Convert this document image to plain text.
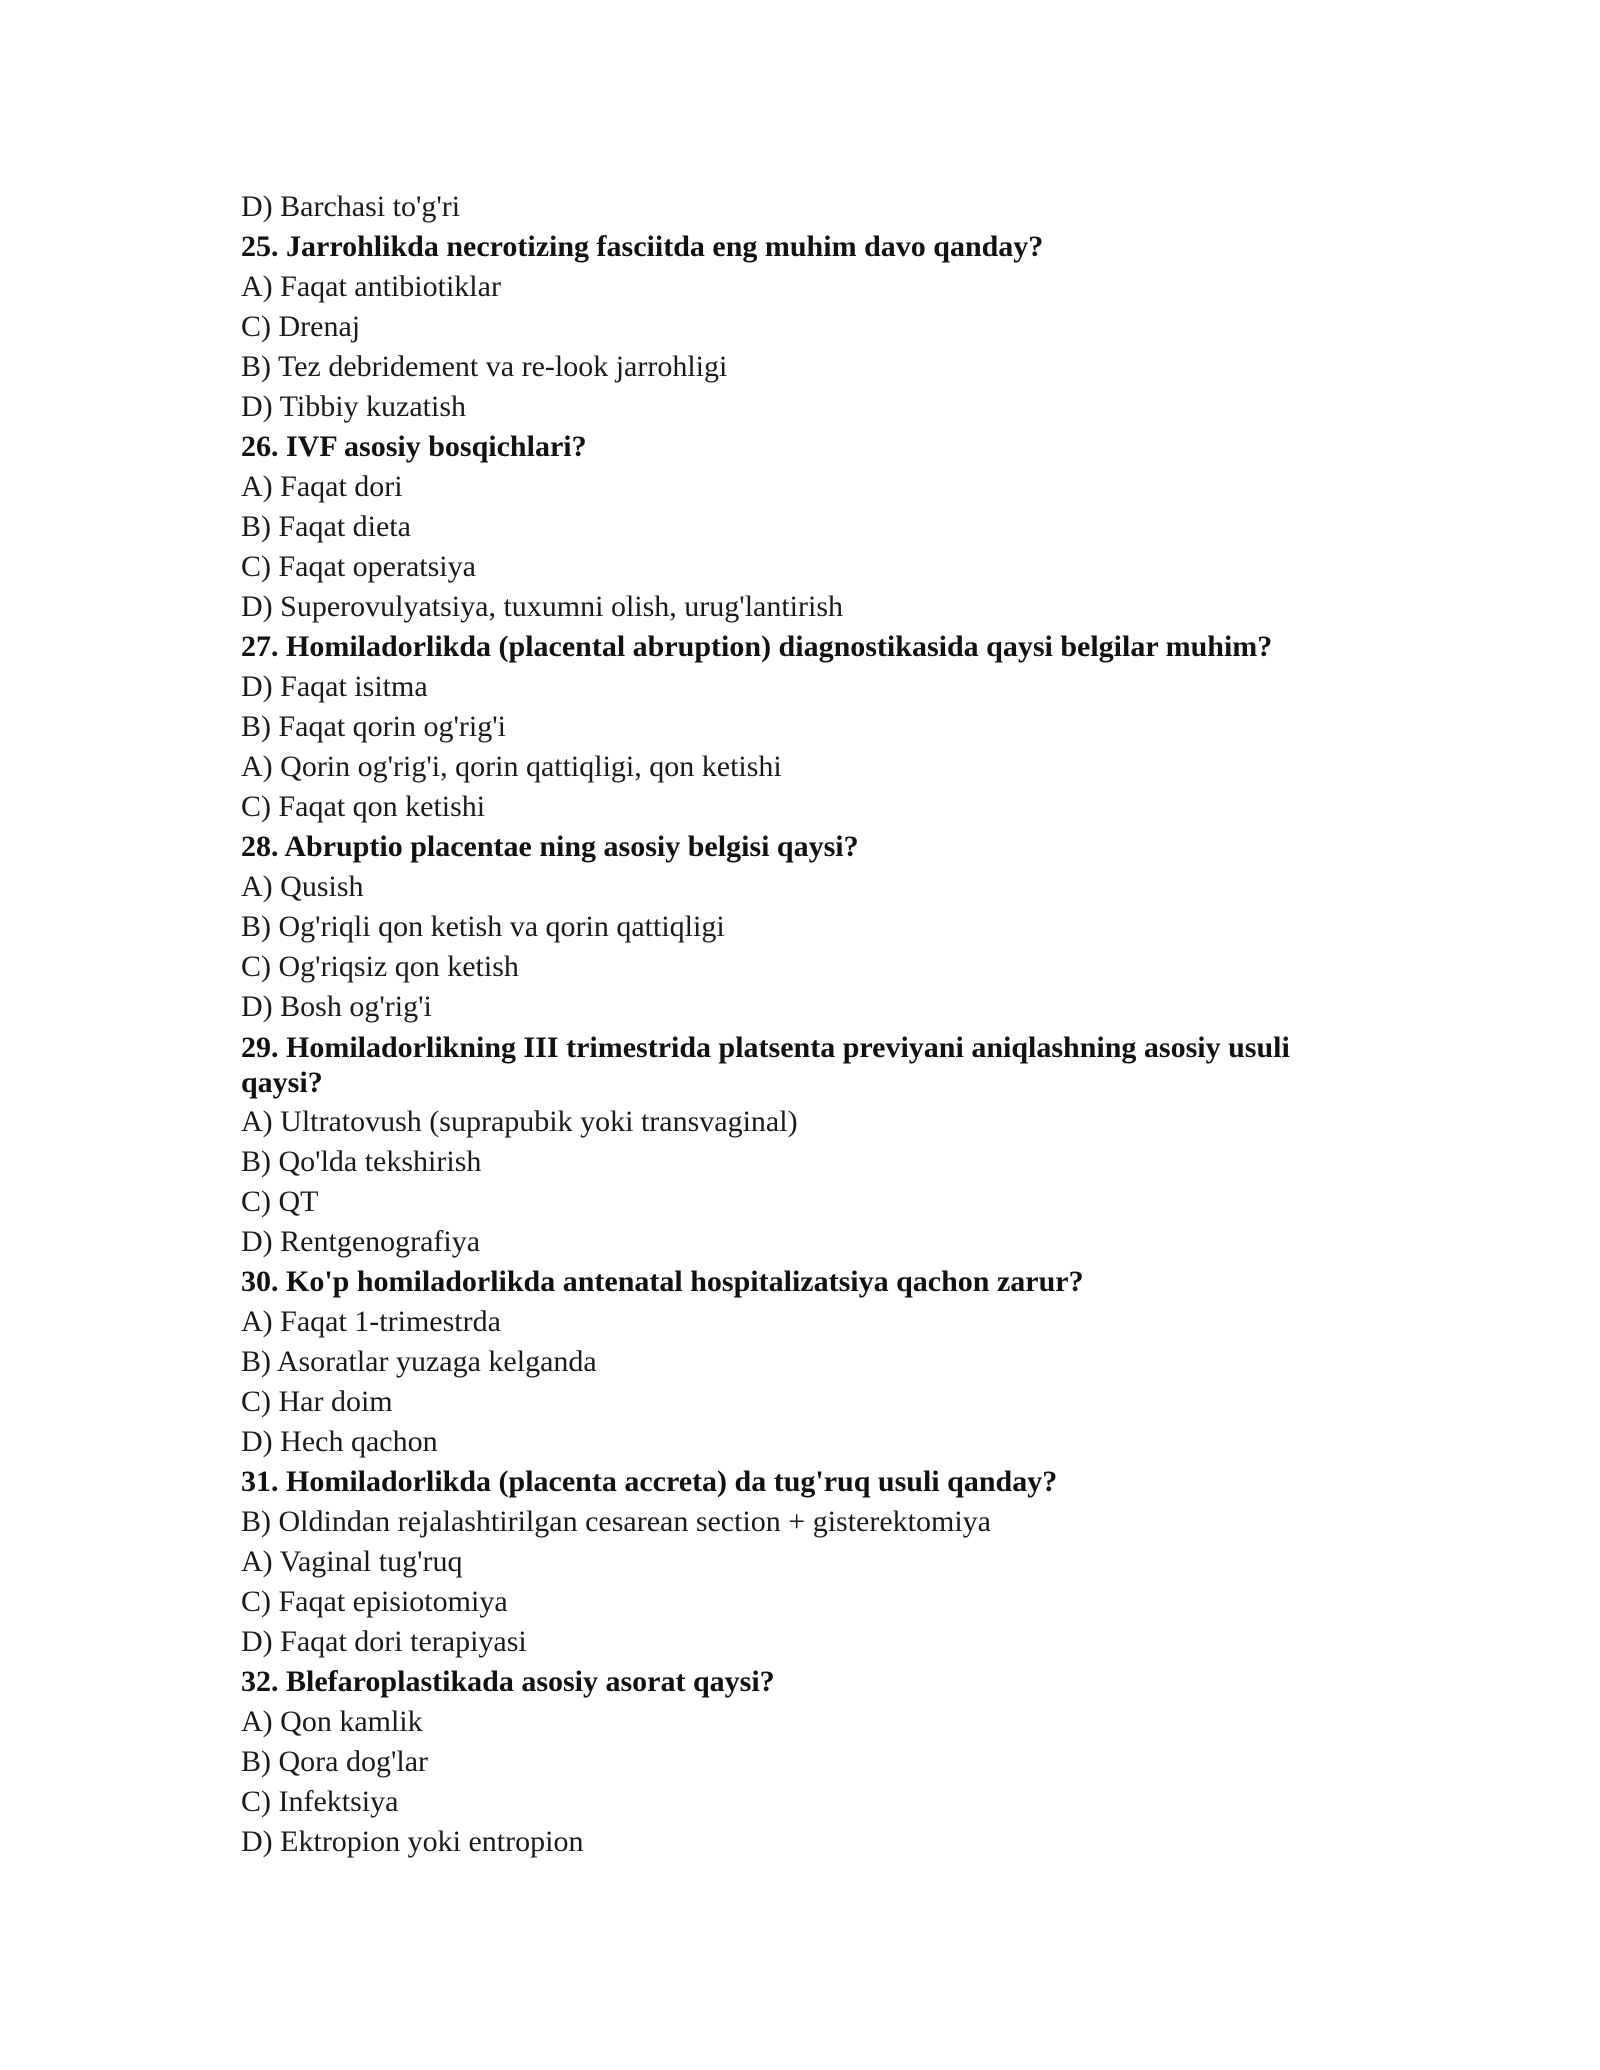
D) Barchasi to'g'ri

25. Jarrohlikda necrotizing fasciitda eng muhim davo qanday?

A) Faqat antibiotiklar

C) Drenaj

B) Tez debridement va re-look jarrohligi

D) Tibbiy kuzatish

26. IVF asosiy bosqichlari?

A) Faqat dori

B) Faqat dieta

C) Faqat operatsiya

D) Superovulyatsiya, tuxumni olish, urug'lantirish

27. Homiladorlikda (placental abruption) diagnostikasida qaysi belgilar muhim?

D) Faqat isitma

B) Faqat qorin og'rig'i

A) Qorin og'rig'i, qorin qattiqligi, qon ketishi

C) Faqat qon ketishi

28. Abruptio placentae ning asosiy belgisi qaysi?

A) Qusish

B) Og'riqli qon ketish va qorin qattiqligi

C) Og'riqsiz qon ketish

D) Bosh og'rig'i

29. Homiladorlikning III trimestrida platsenta previyani aniqlashning asosiy usuli qaysi?

A) Ultratovush (suprapubik yoki transvaginal)

B) Qo'lda tekshirish

C) QT

D) Rentgenografiya

30. Ko'p homiladorlikda antenatal hospitalizatsiya qachon zarur?

A) Faqat 1-trimestrda

B) Asoratlar yuzaga kelganda

C) Har doim

D) Hech qachon

31. Homiladorlikda (placenta accreta) da tug'ruq usuli qanday?

B) Oldindan rejalashtirilgan cesarean section + gisterektomiya

A) Vaginal tug'ruq

C) Faqat episiotomiya

D) Faqat dori terapiyasi

32. Blefaroplastikada asosiy asorat qaysi?

A) Qon kamlik

B) Qora dog'lar

C) Infektsiya

D) Ektropion yoki entropion
